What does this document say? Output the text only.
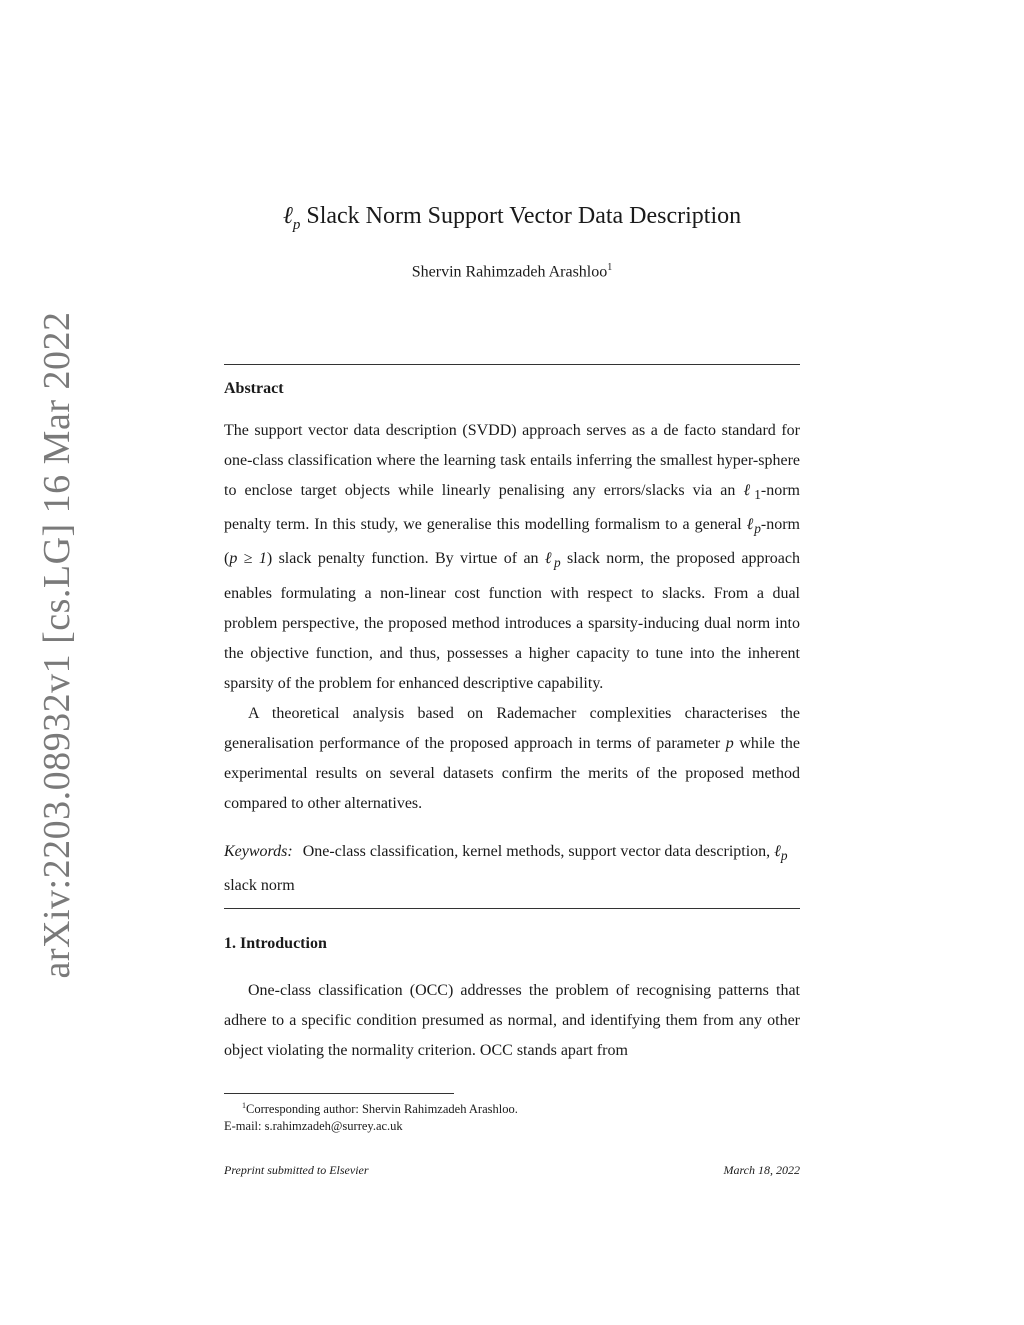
arXiv:2203.08932v1 [cs.LG] 16 Mar 2022
ℓ$_p$ Slack Norm Support Vector Data Description
Shervin Rahimzadeh Arashloo$^1$
Abstract

The support vector data description (SVDD) approach serves as a de facto standard for one-class classification where the learning task entails inferring the smallest hyper-sphere to enclose target objects while linearly penalising any errors/slacks via an ℓ$_1$-norm penalty term. In this study, we generalise this modelling formalism to a general ℓ$_p$-norm (p ≥ 1) slack penalty function. By virtue of an ℓ$_p$ slack norm, the proposed approach enables formulating a non-linear cost function with respect to slacks. From a dual problem perspective, the proposed method introduces a sparsity-inducing dual norm into the objective function, and thus, possesses a higher capacity to tune into the inherent sparsity of the problem for enhanced descriptive capability.

A theoretical analysis based on Rademacher complexities characterises the generalisation performance of the proposed approach in terms of parameter p while the experimental results on several datasets confirm the merits of the proposed method compared to other alternatives.

Keywords: One-class classification, kernel methods, support vector data description, ℓ$_p$ slack norm
1. Introduction

One-class classification (OCC) addresses the problem of recognising patterns that adhere to a specific condition presumed as normal, and identifying them from any other object violating the normality criterion. OCC stands apart from

$^1$Corresponding author: Shervin Rahimzadeh Arashloo.
E-mail: s.rahimzadeh@surrey.ac.uk
Preprint submitted to Elsevier	March 18, 2022
